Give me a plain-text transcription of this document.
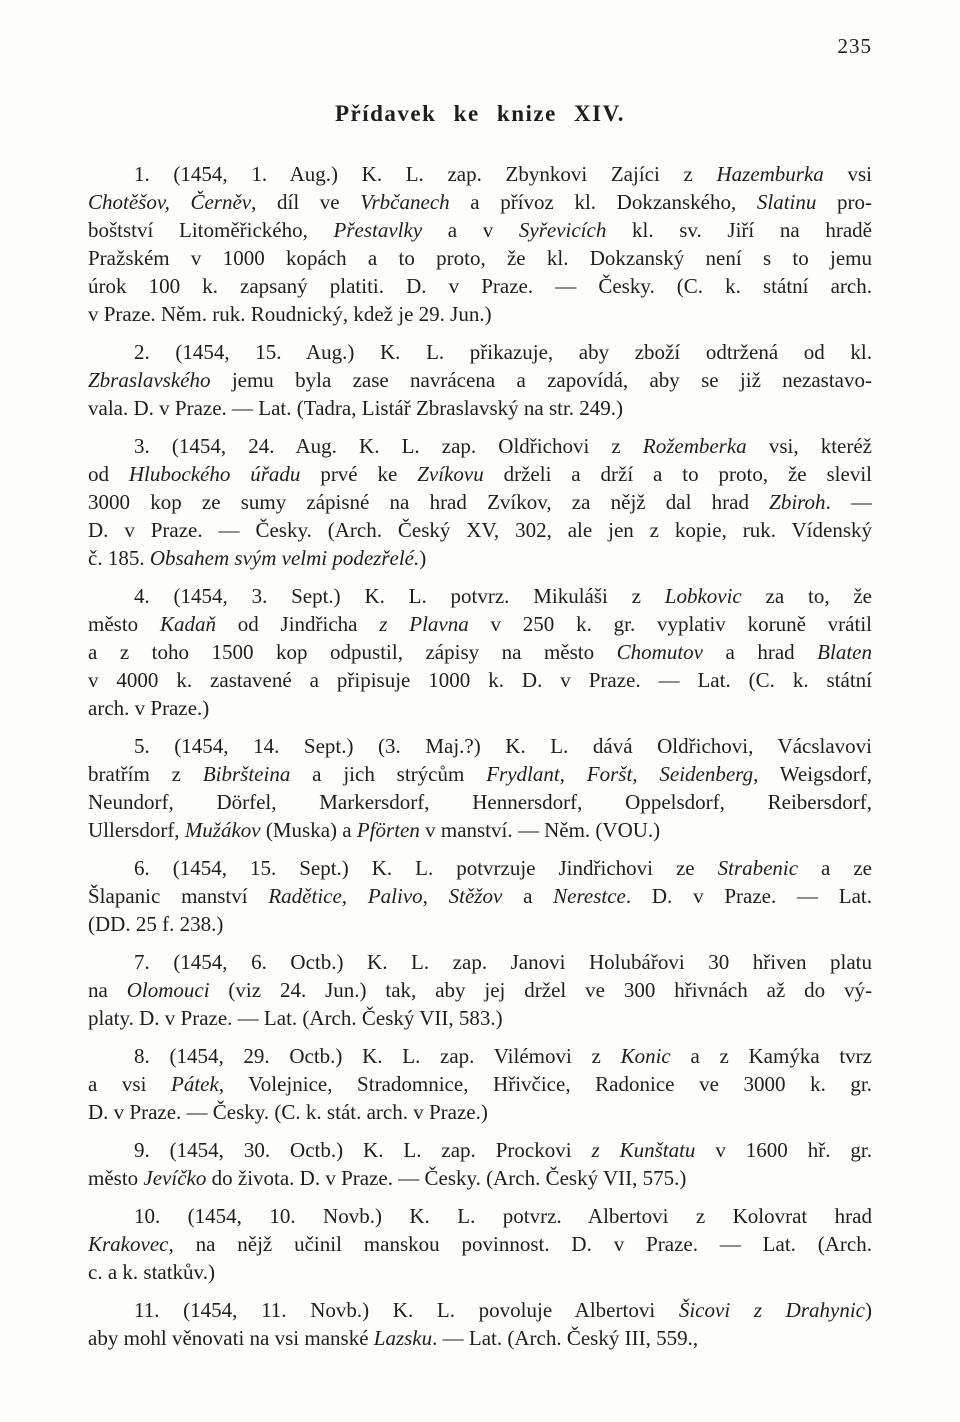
235
Přídavek ke knize XIV.
1. (1454, 1. Aug.) K. L. zap. Zbynkovi Zajíci z Hazemburka vsi
Chotěšov, Černěv, díl ve Vrbčanech a přívoz kl. Dokzanského, Slatinu pro-
boštství Litoměřického, Přestavlky a v Syřevicích kl. sv. Jiří na hradě
Pražském v 1000 kopách a to proto, že kl. Dokzanský není s to jemu
úrok 100 k. zapsaný platiti. D. v Praze. — Česky. (C. k. státní arch.
v Praze. Něm. ruk. Roudnický, kdež je 29. Jun.)
2. (1454, 15. Aug.) K. L. přikazuje, aby zboží odtržená od kl.
Zbraslavského jemu byla zase navrácena a zapovídá, aby se již nezastavo-
vala. D. v Praze. — Lat. (Tadra, Listář Zbraslavský na str. 249.)
3. (1454, 24. Aug. K. L. zap. Oldřichovi z Rožemberka vsi, kteréž
od Hlubockého úřadu prvé ke Zvíkovu drželi a drží a to proto, že slevil
3000 kop ze sumy zápisné na hrad Zvíkov, za nějž dal hrad Zbiroh. —
D. v Praze. — Česky. (Arch. Český XV, 302, ale jen z kopie, ruk. Vídenský
č. 185. Obsahem svým velmi podezřelé.)
4. (1454, 3. Sept.) K. L. potvrz. Mikuláši z Lobkovic za to, že
město Kadaň od Jindřicha z Plavna v 250 k. gr. vyplativ koruně vrátil
a z toho 1500 kop odpustil, zápisy na město Chomutov a hrad Blaten
v 4000 k. zastavené a připisuje 1000 k. D. v Praze. — Lat. (C. k. státní
arch. v Praze.)
5. (1454, 14. Sept.) (3. Maj.?) K. L. dává Oldřichovi, Vácslavovi
bratřím z Bibršteina a jich strýcům Frydlant, Foršt, Seidenberg, Weigsdorf,
Neundorf, Dörfel, Markersdorf, Hennersdorf, Oppelsdorf, Reibersdorf,
Ullersdorf, Mužákov (Muska) a Pförten v manství. — Něm. (VOU.)
6. (1454, 15. Sept.) K. L. potvrzuje Jindřichovi ze Strabenic a ze
Šlapanic manství Radětice, Palivo, Stěžov a Nerestce. D. v Praze. — Lat.
(DD. 25 f. 238.)
7. (1454, 6. Octb.) K. L. zap. Janovi Holubářovi 30 hřiven platu
na Olomouci (viz 24. Jun.) tak, aby jej držel ve 300 hřivnách až do vý-
platy. D. v Praze. — Lat. (Arch. Český VII, 583.)
8. (1454, 29. Octb.) K. L. zap. Vilémovi z Konic a z Kamýka tvrz
a vsi Pátek, Volejnice, Stradomnice, Hřivčice, Radonice ve 3000 k. gr.
D. v Praze. — Česky. (C. k. stát. arch. v Praze.)
9. (1454, 30. Octb.) K. L. zap. Prockovi z Kunštatu v 1600 hř. gr.
město Jevíčko do života. D. v Praze. — Česky. (Arch. Český VII, 575.)
10. (1454, 10. Novb.) K. L. potvrz. Albertovi z Kolovrat hrad
Krakovec, na nějž učinil manskou povinnost. D. v Praze. — Lat. (Arch.
c. a k. statkův.)
11. (1454, 11. Novb.) K. L. povoluje Albertovi Šicovi z Drahynic)
aby mohl věnovati na vsi manské Lazsku. — Lat. (Arch. Český III, 559.,
